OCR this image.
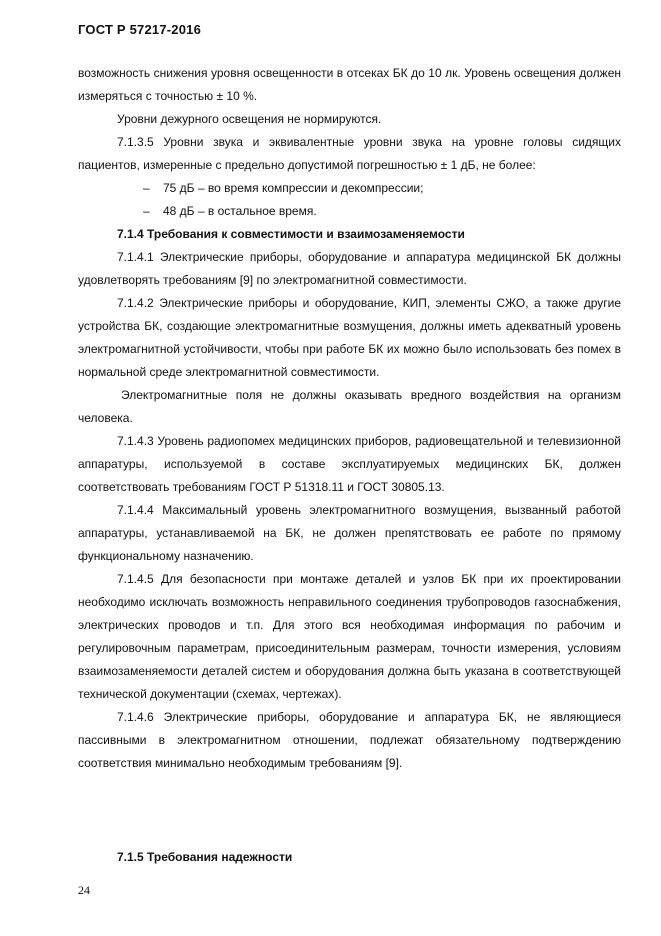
ГОСТ Р 57217-2016

возможность снижения уровня освещенности в отсеках БК до 10 лк. Уровень освещения должен измеряться с точностью ± 10 %.

Уровни дежурного освещения не нормируются.

7.1.3.5 Уровни звука и эквивалентные уровни звука на уровне головы сидящих пациентов, измеренные с предельно допустимой погрешностью ± 1 дБ, не более:

– 75 дБ – во время компрессии и декомпрессии;

– 48 дБ – в остальное время.

7.1.4 Требования к совместимости и взаимозаменяемости

7.1.4.1 Электрические приборы, оборудование и аппаратура медицинской БК должны удовлетворять требованиям [9] по электромагнитной совместимости.

7.1.4.2 Электрические приборы и оборудование, КИП, элементы СЖО, а также другие устройства БК, создающие электромагнитные возмущения, должны иметь адекватный уровень электромагнитной устойчивости, чтобы при работе БК их можно было использовать без помех в нормальной среде электромагнитной совместимости.

Электромагнитные поля не должны оказывать вредного воздействия на организм человека.

7.1.4.3 Уровень радиопомех медицинских приборов, радиовещательной и телевизионной аппаратуры, используемой в составе эксплуатируемых медицинских БК, должен соответствовать требованиям ГОСТ Р 51318.11 и ГОСТ 30805.13.

7.1.4.4 Максимальный уровень электромагнитного возмущения, вызванный работой аппаратуры, устанавливаемой на БК, не должен препятствовать ее работе по прямому функциональному назначению.

7.1.4.5 Для безопасности при монтаже деталей и узлов БК при их проектировании необходимо исключать возможность неправильного соединения трубопроводов газоснабжения, электрических проводов и т.п. Для этого вся необходимая информация по рабочим и регулировочным параметрам, присоединительным размерам, точности измерения, условиям взаимозаменяемости деталей систем и оборудования должна быть указана в соответствующей технической документации (схемах, чертежах).

7.1.4.6 Электрические приборы, оборудование и аппаратура БК, не являющиеся пассивными в электромагнитном отношении, подлежат обязательному подтверждению соответствия минимально необходимым требованиям [9].

7.1.5 Требования надежности
24
